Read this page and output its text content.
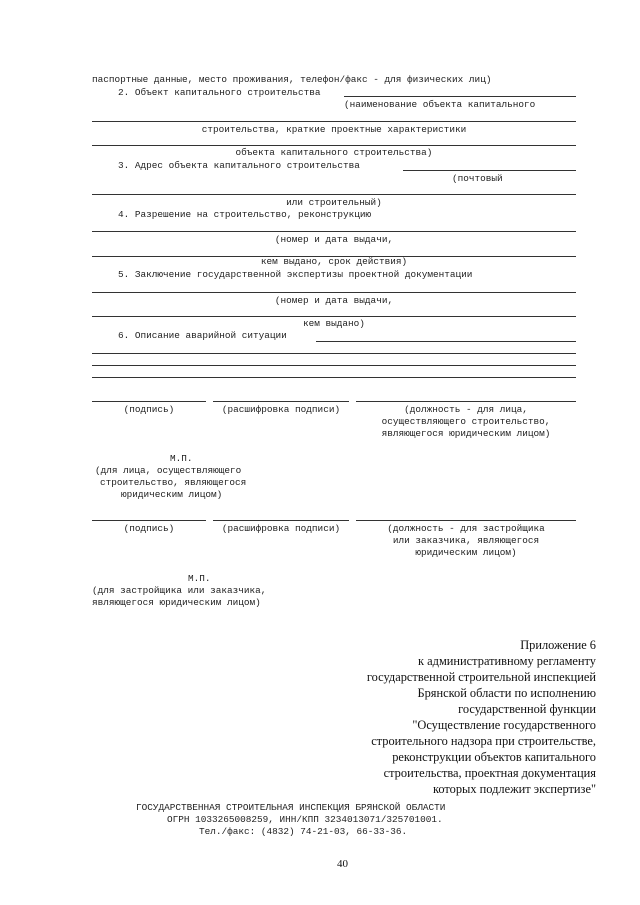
паспортные данные, место проживания, телефон/факс - для физических лиц)
2. Объект капитального строительства
(наименование объекта капитального
строительства, краткие проектные характеристики
объекта капитального строительства)
3. Адрес объекта капитального строительства
(почтовый
или строительный)
4. Разрешение на строительство, реконструкцию
(номер и дата выдачи,
кем выдано, срок действия)
5. Заключение государственной экспертизы проектной документации
(номер и дата выдачи,
кем выдано)
6. Описание аварийной ситуации
(подпись)	(расшифровка подписи)	(должность - для лица,
осуществляющего строительство,
являющегося юридическим лицом)
М.П.
(для лица, осуществляющего
строительство, являющегося
юридическим лицом)
(подпись)	(расшифровка подписи)	(должность - для застройщика
или заказчика, являющегося
юридическим лицом)
М.П.
(для застройщика или заказчика,
являющегося юридическим лицом)
Приложение 6
к административному регламенту
государственной строительной инспекцией
Брянской области по исполнению
государственной функции
"Осуществление государственного
строительного надзора при строительстве,
реконструкции объектов капитального
строительства, проектная документация
которых подлежит экспертизе"
ГОСУДАРСТВЕННАЯ СТРОИТЕЛЬНАЯ ИНСПЕКЦИЯ БРЯНСКОЙ ОБЛАСТИ
ОГРН 1033265008259, ИНН/КПП 3234013071/325701001.
Тел./факс: (4832) 74-21-03, 66-33-36.
40
